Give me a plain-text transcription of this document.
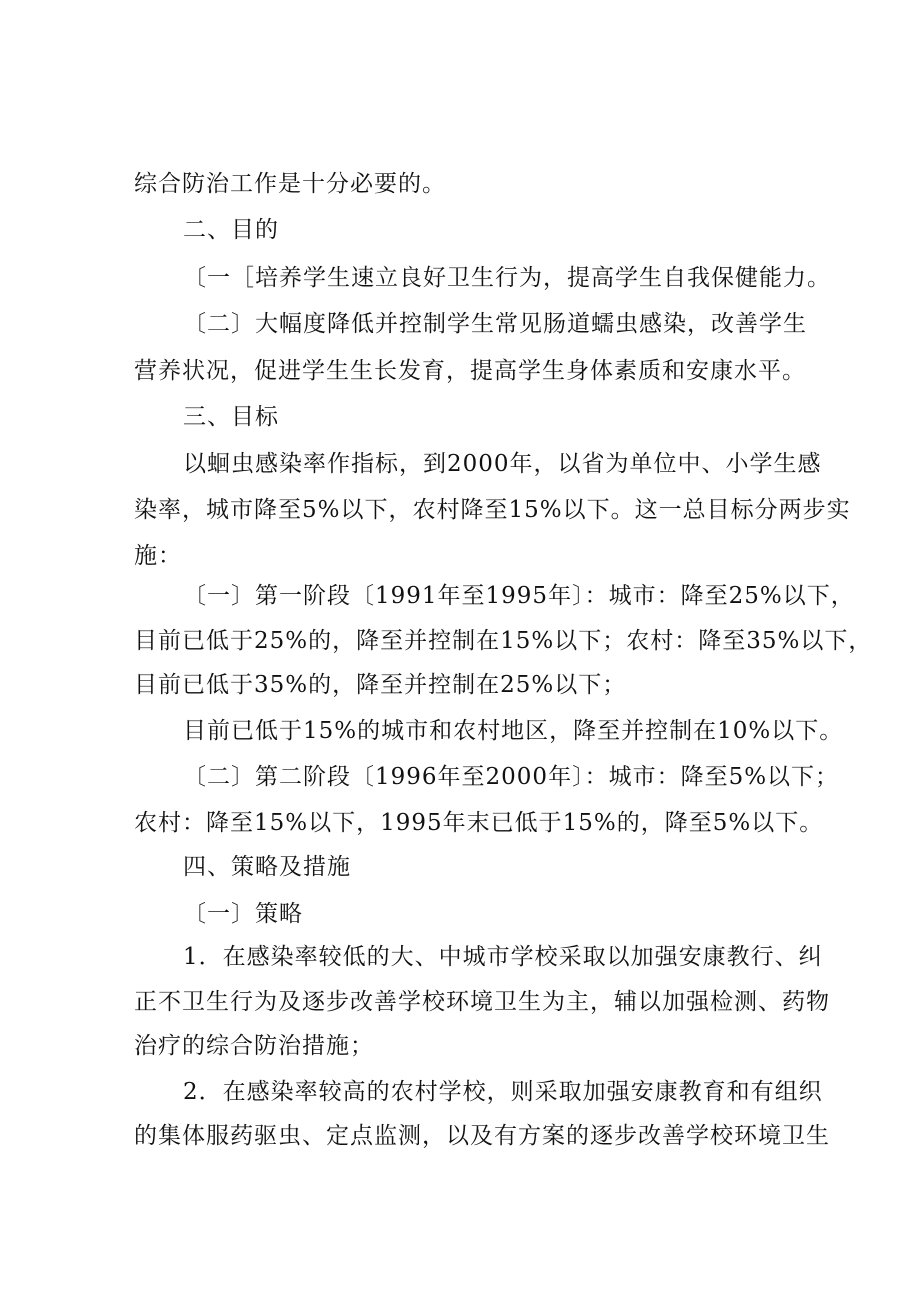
综合防治工作是十分必要的。
二、目的
〔一［培养学生速立良好卫生行为，提高学生自我保健能力。
〔二〕大幅度降低并控制学生常见肠道蠕虫感染，改善学生
营养状况，促进学生生长发育，提高学生身体素质和安康水平。
三、目标
以蛔虫感染率作指标，到2000年，以省为单位中、小学生感
染率，城市降至5%以下，农村降至15%以下。这一总目标分两步实
施：
〔一〕第一阶段〔1991年至1995年〕：城市：降至25%以下，
目前已低于25%的，降至并控制在15%以下；农村：降至35%以下，
目前已低于35%的，降至并控制在25%以下；
目前已低于15%的城市和农村地区，降至并控制在10%以下。
〔二〕第二阶段〔1996年至2000年〕：城市：降至5%以下；
农村：降至15%以下，1995年末已低于15%的，降至5%以下。
四、策略及措施
〔一〕策略
1．在感染率较低的大、中城市学校采取以加强安康教行、纠
正不卫生行为及逐步改善学校环境卫生为主，辅以加强检测、药物
治疗的综合防治措施；
2．在感染率较高的农村学校，则采取加强安康教育和有组织
的集体服药驱虫、定点监测，以及有方案的逐步改善学校环境卫生
